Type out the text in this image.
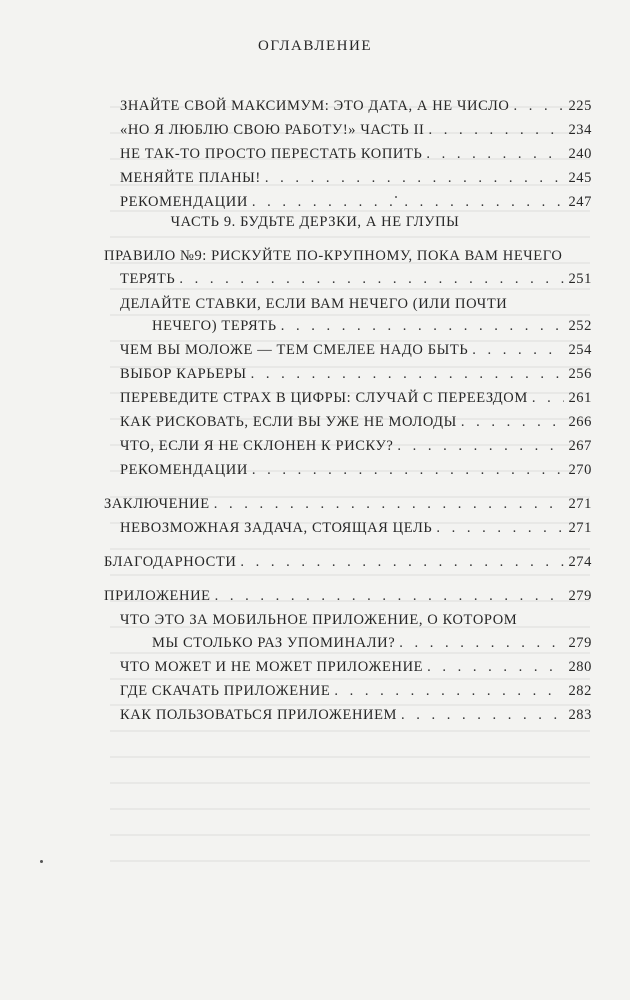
ОГЛАВЛЕНИЕ
ЗНАЙТЕ СВОЙ МАКСИМУМ: ЭТО ДАТА, А НЕ ЧИСЛО . . .	225
«НО Я ЛЮБЛЮ СВОЮ РАБОТУ!» ЧАСТЬ II . . .	234
НЕ ТАК-ТО ПРОСТО ПЕРЕСТАТЬ КОПИТЬ . . .	240
МЕНЯЙТЕ ПЛАНЫ! . . .	245
РЕКОМЕНДАЦИИ . . .	247
ЧАСТЬ 9. БУДЬТЕ ДЕРЗКИ, А НЕ ГЛУПЫ
ПРАВИЛО №9: РИСКУЙТЕ ПО-КРУПНОМУ, ПОКА ВАМ НЕЧЕГО
ТЕРЯТЬ . . .	251
ДЕЛАЙТЕ СТАВКИ, ЕСЛИ ВАМ НЕЧЕГО (ИЛИ ПОЧТИ
НЕЧЕГО) ТЕРЯТЬ . . .	252
ЧЕМ ВЫ МОЛОЖЕ — ТЕМ СМЕЛЕЕ НАДО БЫТЬ . . .	254
ВЫБОР КАРЬЕРЫ . . .	256
ПЕРЕВЕДИТЕ СТРАХ В ЦИФРЫ: СЛУЧАЙ С ПЕРЕЕЗДОМ . . .	261
КАК РИСКОВАТЬ, ЕСЛИ ВЫ УЖЕ НЕ МОЛОДЫ . . .	266
ЧТО, ЕСЛИ Я НЕ СКЛОНЕН К РИСКУ? . . .	267
РЕКОМЕНДАЦИИ . . .	270
ЗАКЛЮЧЕНИЕ . . .	271
НЕВОЗМОЖНАЯ ЗАДАЧА, СТОЯЩАЯ ЦЕЛЬ . . .	271
БЛАГОДАРНОСТИ . . .	274
ПРИЛОЖЕНИЕ . . .	279
ЧТО ЭТО ЗА МОБИЛЬНОЕ ПРИЛОЖЕНИЕ, О КОТОРОМ
МЫ СТОЛЬКО РАЗ УПОМИНАЛИ? . . .	279
ЧТО МОЖЕТ И НЕ МОЖЕТ ПРИЛОЖЕНИЕ . . .	280
ГДЕ СКАЧАТЬ ПРИЛОЖЕНИЕ . . .	282
КАК ПОЛЬЗОВАТЬСЯ ПРИЛОЖЕНИЕМ . . .	283
